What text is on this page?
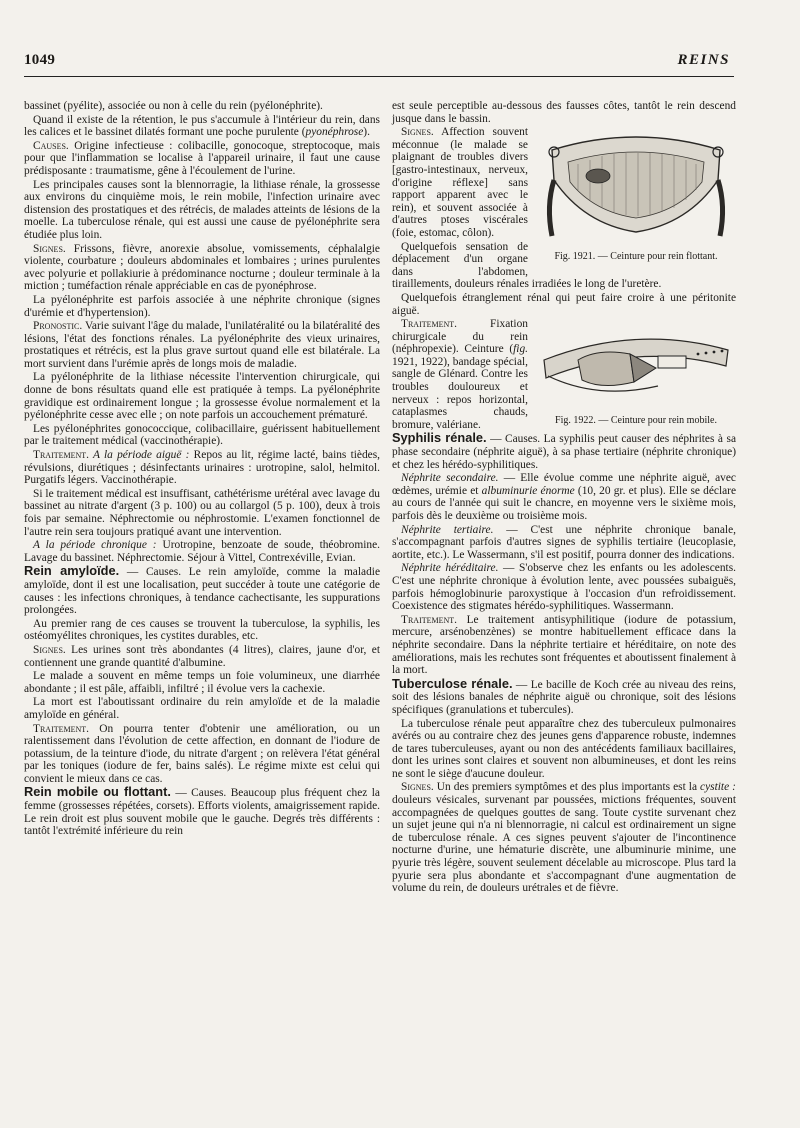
1049	REINS

bassinet (pyélite), associée ou non à celle du rein (pyélonéphrite).

Quand il existe de la rétention, le pus s'accumule à l'intérieur du rein, dans les calices et le bassinet dilatés formant une poche purulente (pyonéphrose).

Causes. Origine infectieuse : colibacille, gonocoque, streptocoque, mais pour que l'inflammation se localise à l'appareil urinaire, il faut une cause prédisposante : traumatisme, gêne à l'écoulement de l'urine.

Les principales causes sont la blennorragie, la lithiase rénale, la grossesse aux environs du cinquième mois, le rein mobile, l'infection urinaire avec distension des prostatiques et des rétrécis, de malades atteints de lésions de la moelle. La tuberculose rénale, qui est aussi une cause de pyélonéphrite sera étudiée plus loin.

Signes. Frissons, fièvre, anorexie absolue, vomissements, céphalalgie violente, courbature ; douleurs abdominales et lombaires ; urines purulentes avec polyurie et pollakiurie à prédominance nocturne ; douleur terminale à la miction ; tuméfaction rénale appréciable en cas de pyonéphrose.

La pyélonéphrite est parfois associée à une néphrite chronique (signes d'urémie et d'hypertension).

Pronostic. Varie suivant l'âge du malade, l'unilatéralité ou la bilatéralité des lésions, l'état des fonctions rénales. La pyélonéphrite des vieux urinaires, prostatiques et rétrécis, est la plus grave surtout quand elle est bilatérale. La mort survient dans l'urémie après de longs mois de maladie.

La pyélonéphrite de la lithiase nécessite l'intervention chirurgicale, qui donne de bons résultats quand elle est pratiquée à temps. La pyélonéphrite gravidique est ordinairement longue ; la grossesse évolue normalement et la pyélonéphrite cesse avec elle ; on note parfois un accouchement prématuré.

Les pyélonéphrites gonococcique, colibacillaire, guérissent habituellement par le traitement médical (vaccinothérapie).

Traitement. A la période aiguë : Repos au lit, régime lacté, bains tièdes, révulsions, diurétiques ; désinfectants urinaires : urotropine, salol, helmitol. Purgatifs légers. Vaccinothérapie.

Si le traitement médical est insuffisant, cathétérisme urétéral avec lavage du bassinet au nitrate d'argent (3 p. 100) ou au collargol (5 p. 100), deux à trois fois par semaine. Néphrectomie ou néphrostomie. L'examen fonctionnel de l'autre rein sera toujours pratiqué avant une intervention.

A la période chronique : Urotropine, benzoate de soude, théobromine. Lavage du bassinet. Néphrectomie. Séjour à Vittel, Contrexéville, Evian.

Rein amyloïde. — Causes. Le rein amyloïde, comme la maladie amyloïde, dont il est une localisation, peut succéder à toute une catégorie de causes : les infections chroniques, à tendance cachectisante, les suppurations prolongées.

Au premier rang de ces causes se trouvent la tuberculose, la syphilis, les ostéomyélites chroniques, les cystites durables, etc.

Signes. Les urines sont très abondantes (4 litres), claires, jaune d'or, et contiennent une grande quantité d'albumine.

Le malade a souvent en même temps un foie volumineux, une diarrhée abondante ; il est pâle, affaibli, infiltré ; il évolue vers la cachexie.

La mort est l'aboutissant ordinaire du rein amyloïde et de la maladie amyloïde en général.

Traitement. On pourra tenter d'obtenir une amélioration, ou un ralentissement dans l'évolution de cette affection, en donnant de l'iodure de potassium, de la teinture d'iode, du nitrate d'argent ; on relèvera l'état général par les toniques (iodure de fer, bains salés). Le régime mixte est celui qui convient le mieux dans ce cas.

Rein mobile ou flottant. — Causes. Beaucoup plus fréquent chez la femme (grossesses répétées, corsets). Efforts violents, amaigrissement rapide. Le rein droit est plus souvent mobile que le gauche. Degrés très différents : tantôt l'extrémité inférieure du rein

est seule perceptible au-dessous des fausses côtes, tantôt le rein descend jusque dans le bassin.

Fig. 1921. — Ceinture pour rein flottant.

Signes. Affection souvent méconnue (le malade se plaignant de troubles divers [gastro-intestinaux, nerveux, d'origine réflexe] sans rapport apparent avec le rein), et souvent associée à d'autres ptoses viscérales (foie, estomac, côlon).

Quelquefois sensation de déplacement d'un organe dans l'abdomen, tiraillements, douleurs rénales irradiées le long de l'uretère.

Quelquefois étranglement rénal qui peut faire croire à une péritonite aiguë.

Fig. 1922. — Ceinture pour rein mobile.

Traitement. Fixation chirurgicale du rein (néphropexie). Ceinture (fig. 1921, 1922), bandage spécial, sangle de Glénard. Contre les troubles douloureux et nerveux : repos horizontal, cataplasmes chauds, bromure, valériane.

Syphilis rénale. — Causes. La syphilis peut causer des néphrites à sa phase secondaire (néphrite aiguë), à sa phase tertiaire (néphrite chronique) et chez les hérédo-syphilitiques.

Néphrite secondaire. — Elle évolue comme une néphrite aiguë, avec œdèmes, urémie et albuminurie énorme (10, 20 gr. et plus). Elle se déclare au cours de l'année qui suit le chancre, en moyenne vers le sixième mois, parfois dès le deuxième ou troisième mois.

Néphrite tertiaire. — C'est une néphrite chronique banale, s'accompagnant parfois d'autres signes de syphilis tertiaire (leucoplasie, aortite, etc.). Le Wassermann, s'il est positif, pourra donner des indications.

Néphrite héréditaire. — S'observe chez les enfants ou les adolescents. C'est une néphrite chronique à évolution lente, avec poussées subaiguës, parfois hémoglobinurie paroxystique à l'occasion d'un refroidissement. Coexistence des stigmates hérédo-syphilitiques. Wassermann.

Traitement. Le traitement antisyphilitique (iodure de potassium, mercure, arsénobenzènes) se montre habituellement efficace dans la néphrite secondaire. Dans la néphrite tertiaire et héréditaire, on note des améliorations, mais les rechutes sont fréquentes et aboutissent finalement à la mort.

Tuberculose rénale. — Le bacille de Koch crée au niveau des reins, soit des lésions banales de néphrite aiguë ou chronique, soit des lésions spécifiques (granulations et tubercules).

La tuberculose rénale peut apparaître chez des tuberculeux pulmonaires avérés ou au contraire chez des jeunes gens d'apparence robuste, indemnes de tares tuberculeuses, ayant ou non des antécédents familiaux bacillaires, dont les urines sont claires et souvent non albumineuses, et dont les reins ne sont le siège d'aucune douleur.

Signes. Un des premiers symptômes et des plus importants est la cystite : douleurs vésicales, survenant par poussées, mictions fréquentes, souvent accompagnées de quelques gouttes de sang. Toute cystite survenant chez un sujet jeune qui n'a ni blennorragie, ni calcul est ordinairement un signe de tuberculose rénale. A ces signes peuvent s'ajouter de l'incontinence nocturne d'urine, une hématurie discrète, une albuminurie minime, une pyurie très légère, souvent seulement décelable au microscope. Plus tard la pyurie sera plus abondante et s'accompagnant d'une augmentation de volume du rein, de douleurs urétrales et de fièvre.
